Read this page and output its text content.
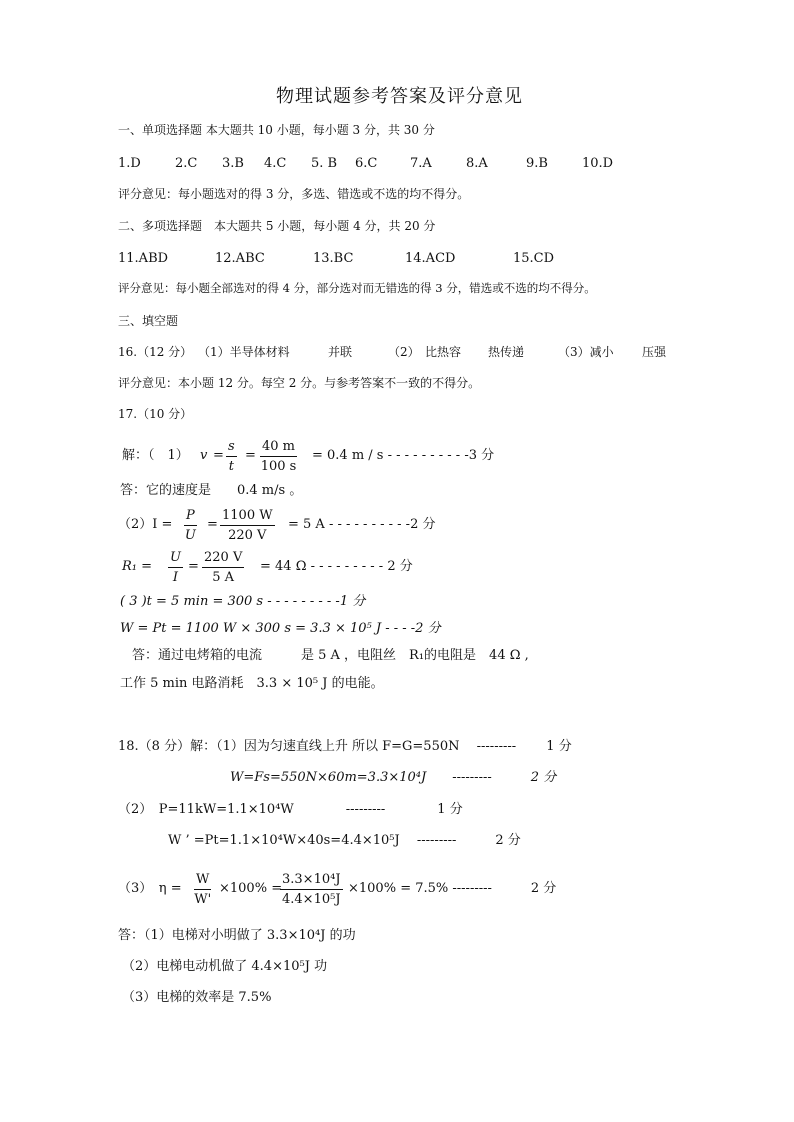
物理试题参考答案及评分意见
一、单项选择题 本大题共 10 小题，每小题 3 分，共 30 分
1.D	2.C 3.B 4.C 5. B 6.C	7.A	8.A	9.B	10.D
评分意见：每小题选对的得 3 分，多选、错选或不选的均不得分。
二、多项选择题　本大题共 5 小题，每小题 4 分，共 20 分
11.ABD	12.ABC	13.BC	14.ACD	15.CD
评分意见：每小题全部选对的得 4 分，部分选对而无错选的得 3 分，错选或不选的均不得分。
三、填空题
16.（12 分） （1）半导体材料	并联	（2） 比热容 热传递	（3）减小 压强
评分意见：本小题 12 分。每空 2 分。与参考答案不一致的不得分。
17.（10 分）
解：（　1） $v = \frac{s}{t} = \frac{40 m}{100 s} = 0.4$ m / s - - - - - - - - - -3 分
答：它的速度是　　0.4 m/s 。
$(2)I = \frac{P}{U} = \frac{1100 W}{220 V} = 5$ A - - - - - - - - - -2 分
$R_1 = \frac{U}{I} = \frac{220 V}{5 A} = 44$ Ω - - - - - - - - - 2 分
( 3 )t = 5 min = 300 s - - - - - - - - -1 分
W = Pt = 1100 W × 300 s = 3.3 × 10⁵ J - - - -2 分
答：通过电烤箱的电流　　　是 5 A ，电阻丝　R₁的电阻是　44 Ω ,
工作 5 min 电路消耗　3.3 × 10⁵ J 的电能。
18.（8 分）解：（1）因为匀速直线上升 所以 F=G=550N　 ---------　　 1 分
W=Fs=550N×60m=3.3×10⁴J　　---------　　　2 分
（2）　P=11kW=1.1×10⁴W　　　　---------　　　　1 分
W ’ =Pt=1.1×10⁴W×40s=4.4×10⁵J　 ---------　　　2 分
（3）　$\eta = \frac{W}{W'} \times 100\%$ =
$\frac{\text{3.3×10⁴J}}{\text{4.4×10⁵J}} \times 100\% = 7.5\%$ ---------　　　2 分
答：（1）电梯对小明做了 3.3×10⁴J 的功
（2）电梯电动机做了 4.4×10⁵J 功
（3）电梯的效率是 7.5%
